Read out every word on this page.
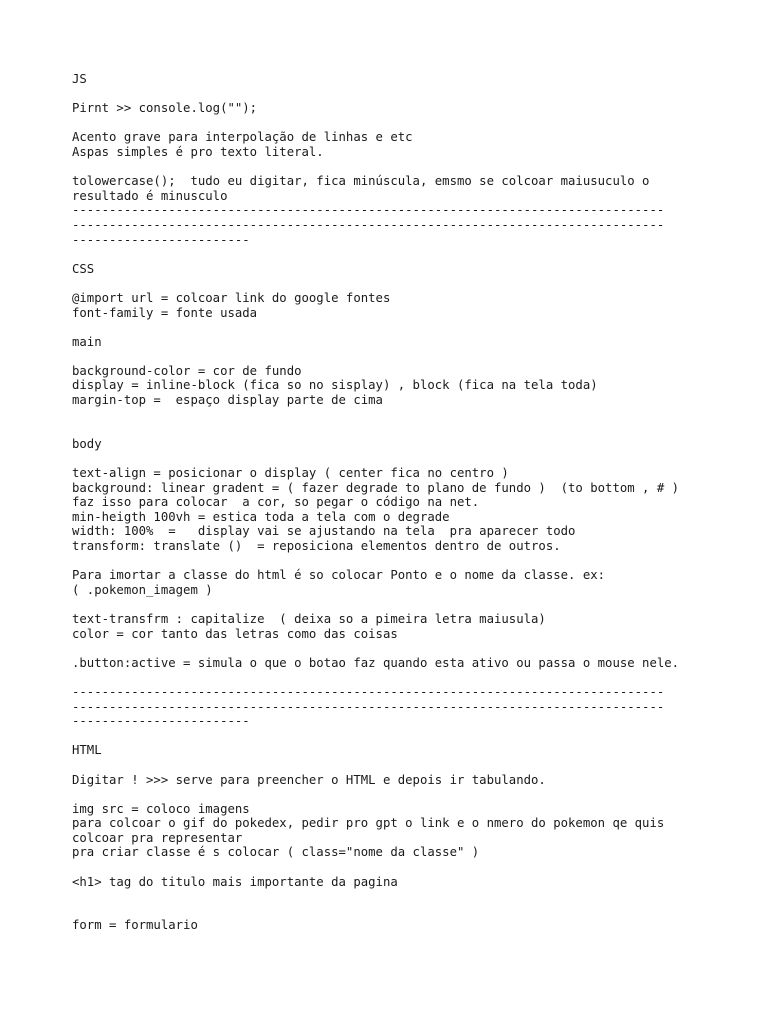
JS
Pirnt >> console.log("");
Acento grave para interpolação de linhas e etc
Aspas simples é pro texto literal.
tolowercase();  tudo eu digitar, fica minúscula, emsmo se colcoar maiusuculo o
resultado é minusculo
--------------------------------------------------------------------------------
--------------------------------------------------------------------------------
------------------------
CSS
@import url = colcoar link do google fontes
font-family = fonte usada
main
background-color = cor de fundo
display = inline-block (fica so no sisplay) , block (fica na tela toda)
margin-top =  espaço display parte de cima
body
text-align = posicionar o display ( center fica no centro )
background: linear gradent = ( fazer degrade to plano de fundo )  (to bottom , # )
faz isso para colocar  a cor, so pegar o código na net.
min-heigth 100vh = estica toda a tela com o degrade
width: 100%  =   display vai se ajustando na tela  pra aparecer todo
transform: translate ()  = reposiciona elementos dentro de outros.
Para imortar a classe do html é so colocar Ponto e o nome da classe. ex:
( .pokemon_imagem )
text-transfrm : capitalize  ( deixa so a pimeira letra maiusula)
color = cor tanto das letras como das coisas
.button:active = simula o que o botao faz quando esta ativo ou passa o mouse nele.
--------------------------------------------------------------------------------
--------------------------------------------------------------------------------
------------------------
HTML
Digitar ! >>> serve para preencher o HTML e depois ir tabulando.
img src = coloco imagens
para colcoar o gif do pokedex, pedir pro gpt o link e o nmero do pokemon qe quis
colcoar pra representar
pra criar classe é s colocar ( class="nome da classe" )
<h1> tag do titulo mais importante da pagina
form = formulario
